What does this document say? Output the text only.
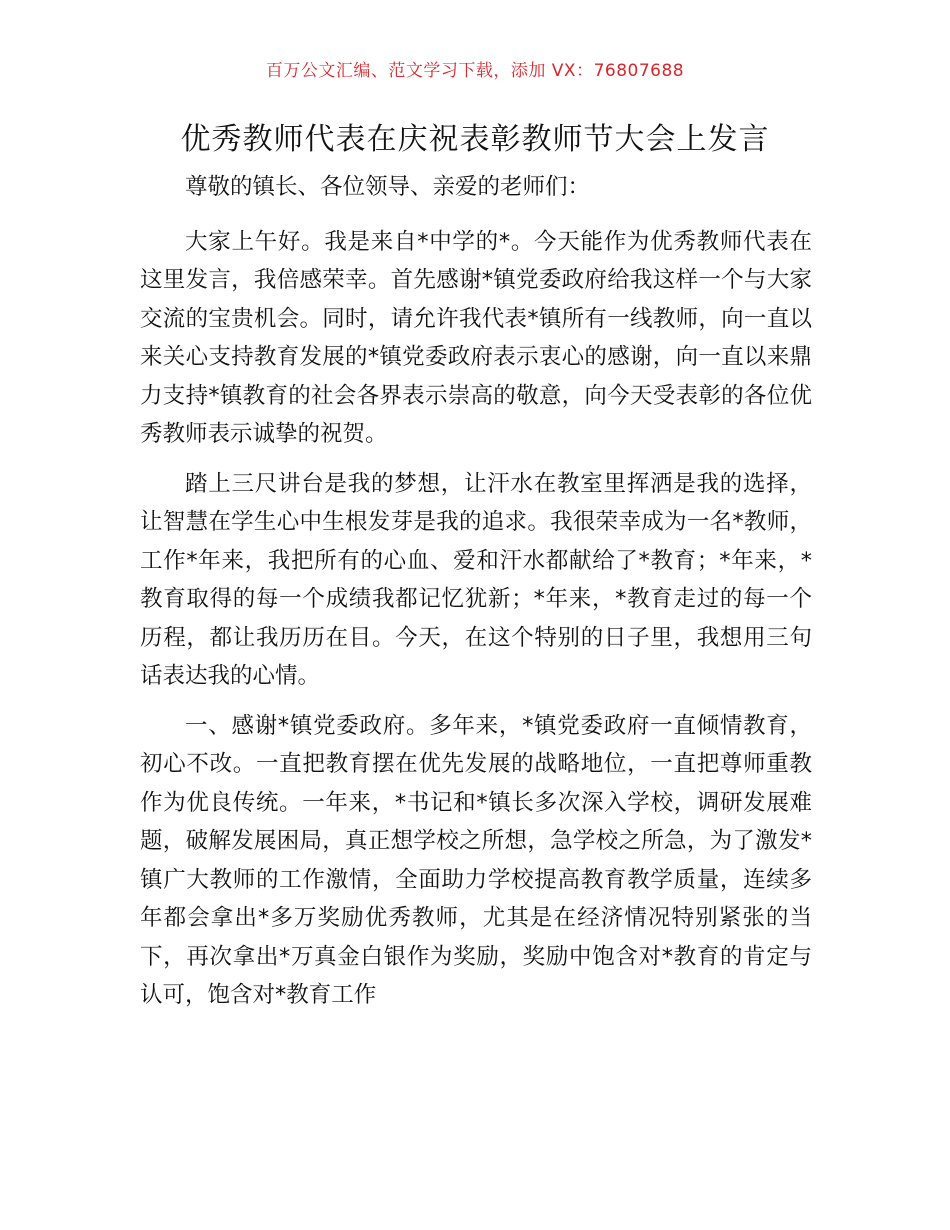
百万公文汇编、范文学习下载，添加 VX：76807688
优秀教师代表在庆祝表彰教师节大会上发言

尊敬的镇长、各位领导、亲爱的老师们：

大家上午好。我是来自*中学的*。今天能作为优秀教师代表在这里发言，我倍感荣幸。首先感谢*镇党委政府给我这样一个与大家交流的宝贵机会。同时，请允许我代表*镇所有一线教师，向一直以来关心支持教育发展的*镇党委政府表示衷心的感谢，向一直以来鼎力支持*镇教育的社会各界表示崇高的敬意，向今天受表彰的各位优秀教师表示诚挚的祝贺。

踏上三尺讲台是我的梦想，让汗水在教室里挥洒是我的选择，让智慧在学生心中生根发芽是我的追求。我很荣幸成为一名*教师，工作*年来，我把所有的心血、爱和汗水都献给了*教育；*年来，*教育取得的每一个成绩我都记忆犹新；*年来，*教育走过的每一个历程，都让我历历在目。今天，在这个特别的日子里，我想用三句话表达我的心情。

一、感谢*镇党委政府。多年来，*镇党委政府一直倾情教育，初心不改。一直把教育摆在优先发展的战略地位，一直把尊师重教作为优良传统。一年来，*书记和*镇长多次深入学校，调研发展难题，破解发展困局，真正想学校之所想，急学校之所急，为了激发*镇广大教师的工作激情，全面助力学校提高教育教学质量，连续多年都会拿出*多万奖励优秀教师，尤其是在经济情况特别紧张的当下，再次拿出*万真金白银作为奖励，奖励中饱含对*教育的肯定与认可，饱含对*教育工作
